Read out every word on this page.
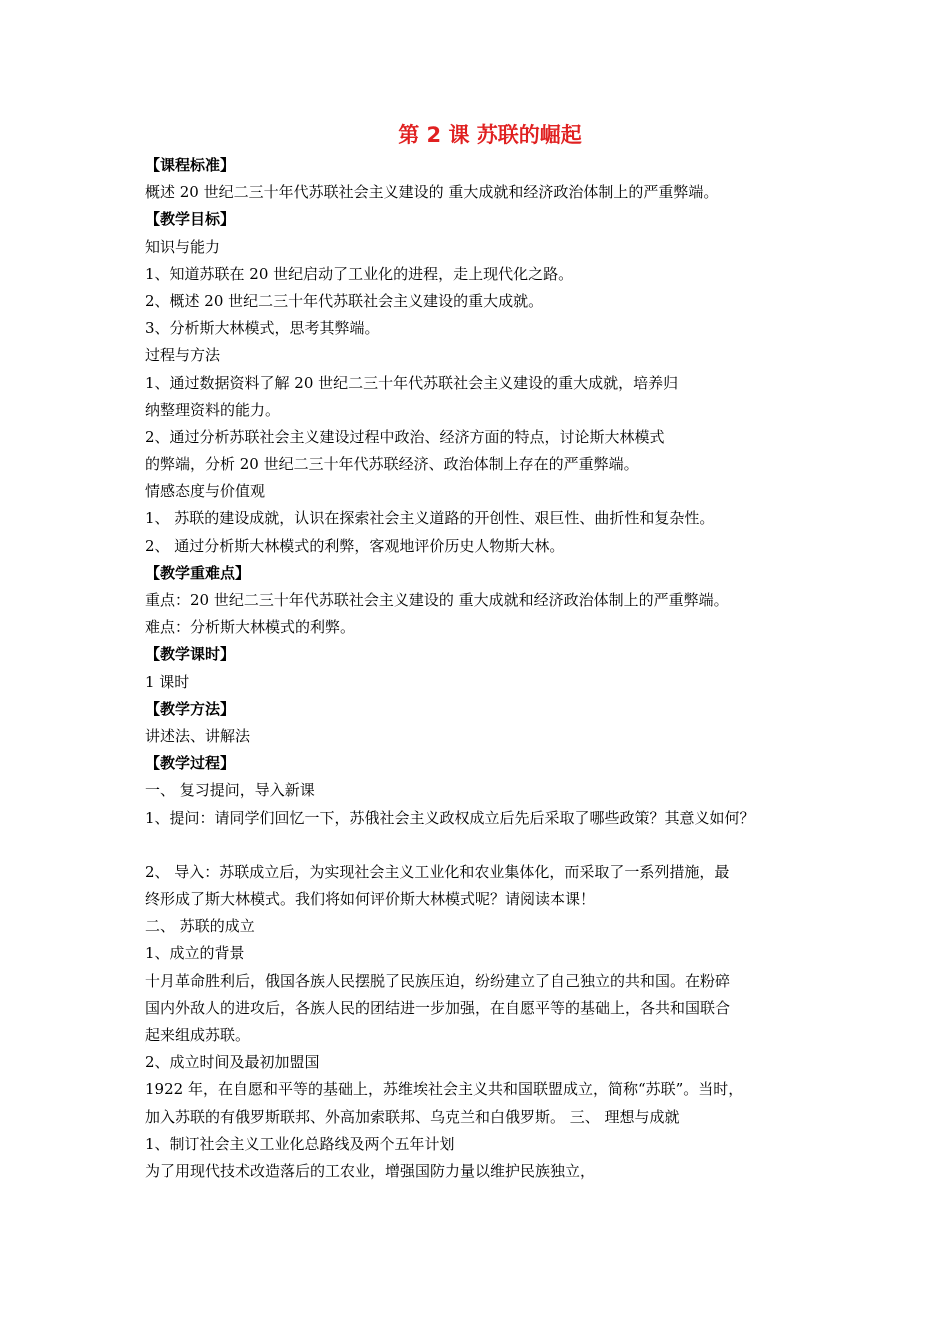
第 2 课 苏联的崛起
【课程标准】
概述 20 世纪二三十年代苏联社会主义建设的 重大成就和经济政治体制上的严重弊端。
【教学目标】
知识与能力
1、知道苏联在 20 世纪启动了工业化的进程，走上现代化之路。
2、概述 20 世纪二三十年代苏联社会主义建设的重大成就。
3、分析斯大林模式，思考其弊端。
过程与方法
1、通过数据资料了解 20 世纪二三十年代苏联社会主义建设的重大成就，培养归
纳整理资料的能力。
2、通过分析苏联社会主义建设过程中政治、经济方面的特点，讨论斯大林模式
的弊端，分析 20 世纪二三十年代苏联经济、政治体制上存在的严重弊端。
情感态度与价值观
1、 苏联的建设成就，认识在探索社会主义道路的开创性、艰巨性、曲折性和复杂性。
2、 通过分析斯大林模式的利弊，客观地评价历史人物斯大林。
【教学重难点】
重点：20 世纪二三十年代苏联社会主义建设的 重大成就和经济政治体制上的严重弊端。
难点：分析斯大林模式的利弊。
【教学课时】
1 课时
【教学方法】
讲述法、讲解法
【教学过程】
一、 复习提问，导入新课
1、提问：请同学们回忆一下，苏俄社会主义政权成立后先后采取了哪些政策？其意义如何？
2、 导入：苏联成立后，为实现社会主义工业化和农业集体化，而采取了一系列措施，最
终形成了斯大林模式。我们将如何评价斯大林模式呢？请阅读本课！
二、 苏联的成立
1、成立的背景
十月革命胜利后，俄国各族人民摆脱了民族压迫，纷纷建立了自己独立的共和国。在粉碎
国内外敌人的进攻后，各族人民的团结进一步加强，在自愿平等的基础上，各共和国联合
起来组成苏联。
2、成立时间及最初加盟国
1922 年，在自愿和平等的基础上，苏维埃社会主义共和国联盟成立，简称“苏联”。当时，
加入苏联的有俄罗斯联邦、外高加索联邦、乌克兰和白俄罗斯。 三、 理想与成就
1、制订社会主义工业化总路线及两个五年计划
为了用现代技术改造落后的工农业，增强国防力量以维护民族独立，
